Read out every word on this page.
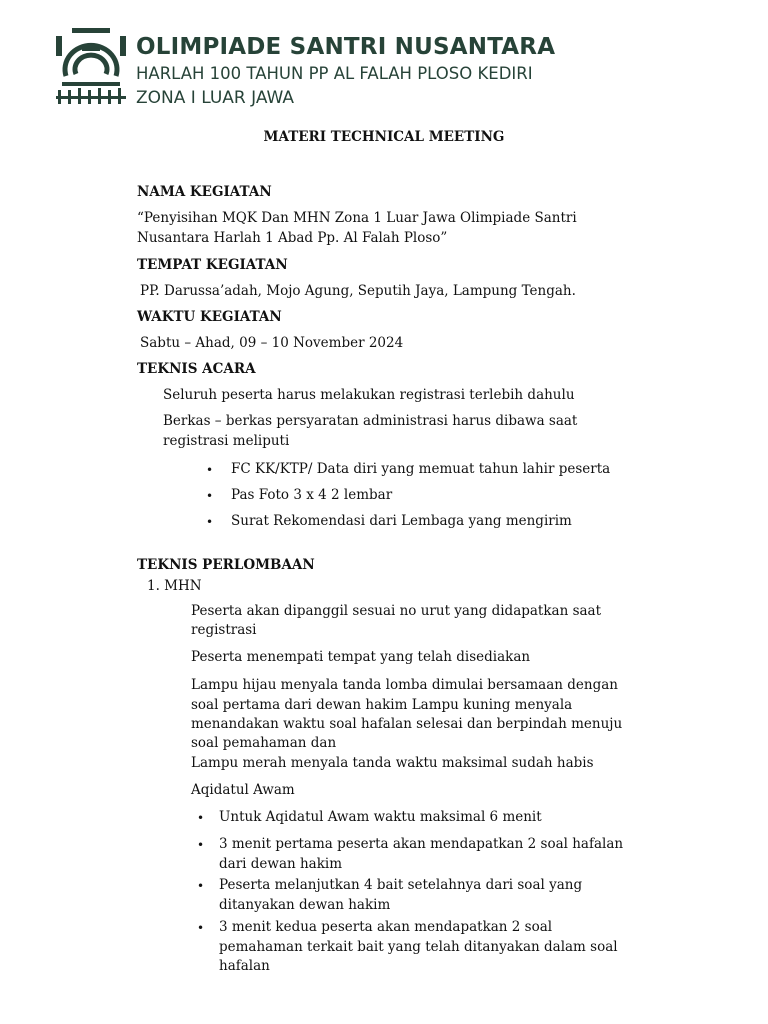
OLIMPIADE SANTRI NUSANTARA
HARLAH 100 TAHUN PP AL FALAH PLOSO KEDIRI
ZONA I LUAR JAWA
MATERI TECHNICAL MEETING
NAMA KEGIATAN
“Penyisihan MQK Dan MHN Zona 1 Luar Jawa Olimpiade Santri
Nusantara Harlah 1 Abad Pp. Al Falah Ploso”
TEMPAT KEGIATAN
PP. Darussa’adah, Mojo Agung, Seputih Jaya, Lampung Tengah.
WAKTU KEGIATAN
Sabtu – Ahad, 09 – 10 November 2024
TEKNIS ACARA
Seluruh peserta harus melakukan registrasi terlebih dahulu
Berkas – berkas persyaratan administrasi harus dibawa saat
registrasi meliputi
• FC KK/KTP/ Data diri yang memuat tahun lahir peserta
• Pas Foto 3 x 4 2 lembar
• Surat Rekomendasi dari Lembaga yang mengirim
TEKNIS PERLOMBAAN
1. MHN
Peserta akan dipanggil sesuai no urut yang didapatkan saat
registrasi
Peserta menempati tempat yang telah disediakan
Lampu hijau menyala tanda lomba dimulai bersamaan dengan
soal pertama dari dewan hakim Lampu kuning menyala
menandakan waktu soal hafalan selesai dan berpindah menuju
soal pemahaman dan
Lampu merah menyala tanda waktu maksimal sudah habis
Aqidatul Awam
• Untuk Aqidatul Awam waktu maksimal 6 menit
• 3 menit pertama peserta akan mendapatkan 2 soal hafalan
dari dewan hakim
• Peserta melanjutkan 4 bait setelahnya dari soal yang
ditanyakan dewan hakim
• 3 menit kedua peserta akan mendapatkan 2 soal
pemahaman terkait bait yang telah ditanyakan dalam soal
hafalan
